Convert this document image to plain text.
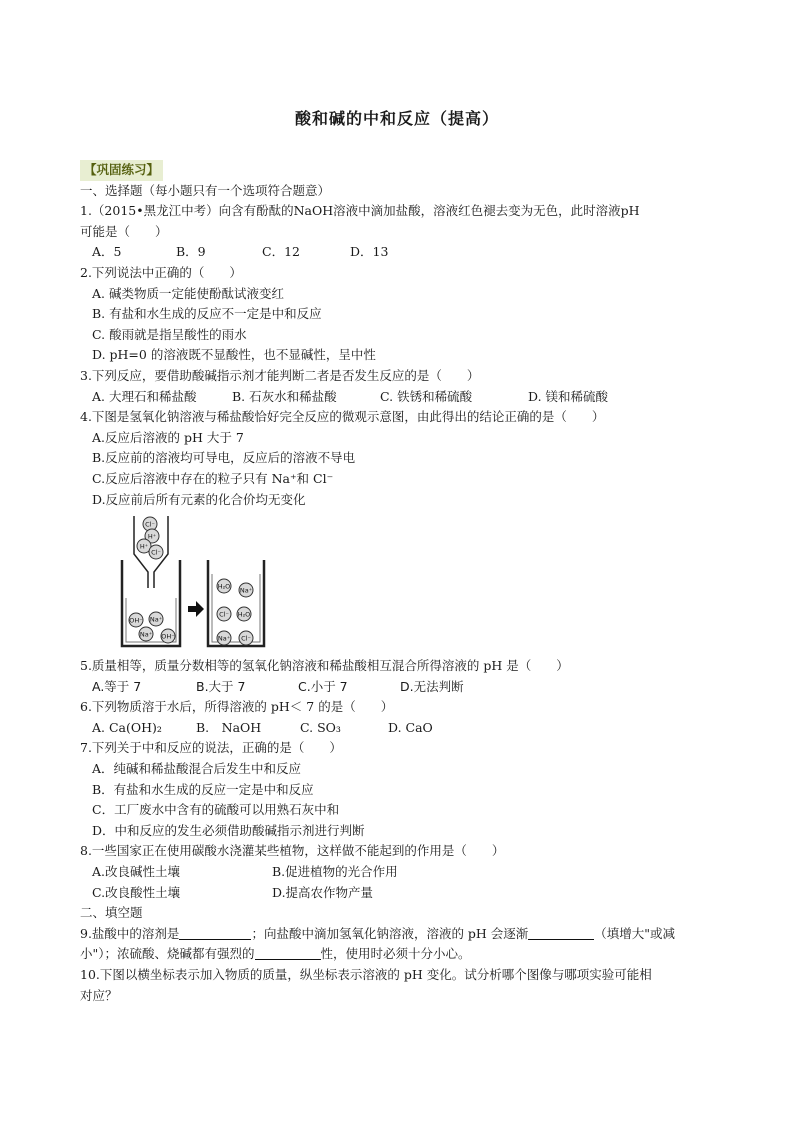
酸和碱的中和反应（提高）
【巩固练习】
一、选择题（每小题只有一个选项符合题意）
1.（2015•黑龙江中考）向含有酚酞的NaOH溶液中滴加盐酸，溶液红色褪去变为无色，此时溶液pH
可能是（　　）
A．5	B．9	C．12	D．13
2.下列说法中正确的（　　）
A. 碱类物质一定能使酚酞试液变红
B. 有盐和水生成的反应不一定是中和反应
C. 酸雨就是指呈酸性的雨水
D. pH=0 的溶液既不显酸性，也不显碱性，呈中性
3.下列反应，要借助酸碱指示剂才能判断二者是否发生反应的是（　　）
A. 大理石和稀盐酸	B. 石灰水和稀盐酸	C. 铁锈和稀硫酸	D. 镁和稀硫酸
4.下图是氢氧化钠溶液与稀盐酸恰好完全反应的微观示意图，由此得出的结论正确的是（　　）
A.反应后溶液的 pH 大于 7
B.反应前的溶液均可导电，反应后的溶液不导电
C.反应后溶液中存在的粒子只有 Na⁺和 Cl⁻
D.反应前后所有元素的化合价均无变化
Cl⁻
H⁺
H⁺
Cl⁻
OH⁻ Na⁺
Na⁺ OH⁻
H₂O Na⁺
Cl⁻ H₂O
Na⁺ Cl⁻
5.质量相等，质量分数相等的氢氧化钠溶液和稀盐酸相互混合所得溶液的 pH 是（　　）
A.等于 7	B.大于 7	C.小于 7	D.无法判断
6.下列物质溶于水后，所得溶液的 pH＜ 7 的是（　　）
A. Ca(OH)₂	B.　NaOH	C. SO₃	D. CaO
7.下列关于中和反应的说法，正确的是（　　）
A．纯碱和稀盐酸混合后发生中和反应
B．有盐和水生成的反应一定是中和反应
C．工厂废水中含有的硫酸可以用熟石灰中和
D．中和反应的发生必须借助酸碱指示剂进行判断
8.一些国家正在使用碳酸水浇灌某些植物，这样做不能起到的作用是（　　）
A.改良碱性土壤	B.促进植物的光合作用
C.改良酸性土壤	D.提高农作物产量
二、填空题
9.盐酸中的溶剂是	；向盐酸中滴加氢氧化钠溶液，溶液的 pH 会逐渐	（填增大"或减
小"）；浓硫酸、烧碱都有强烈的	性，使用时必须十分小心。
10.下图以横坐标表示加入物质的质量，纵坐标表示溶液的 pH 变化。试分析哪个图像与哪项实验可能相
对应？
